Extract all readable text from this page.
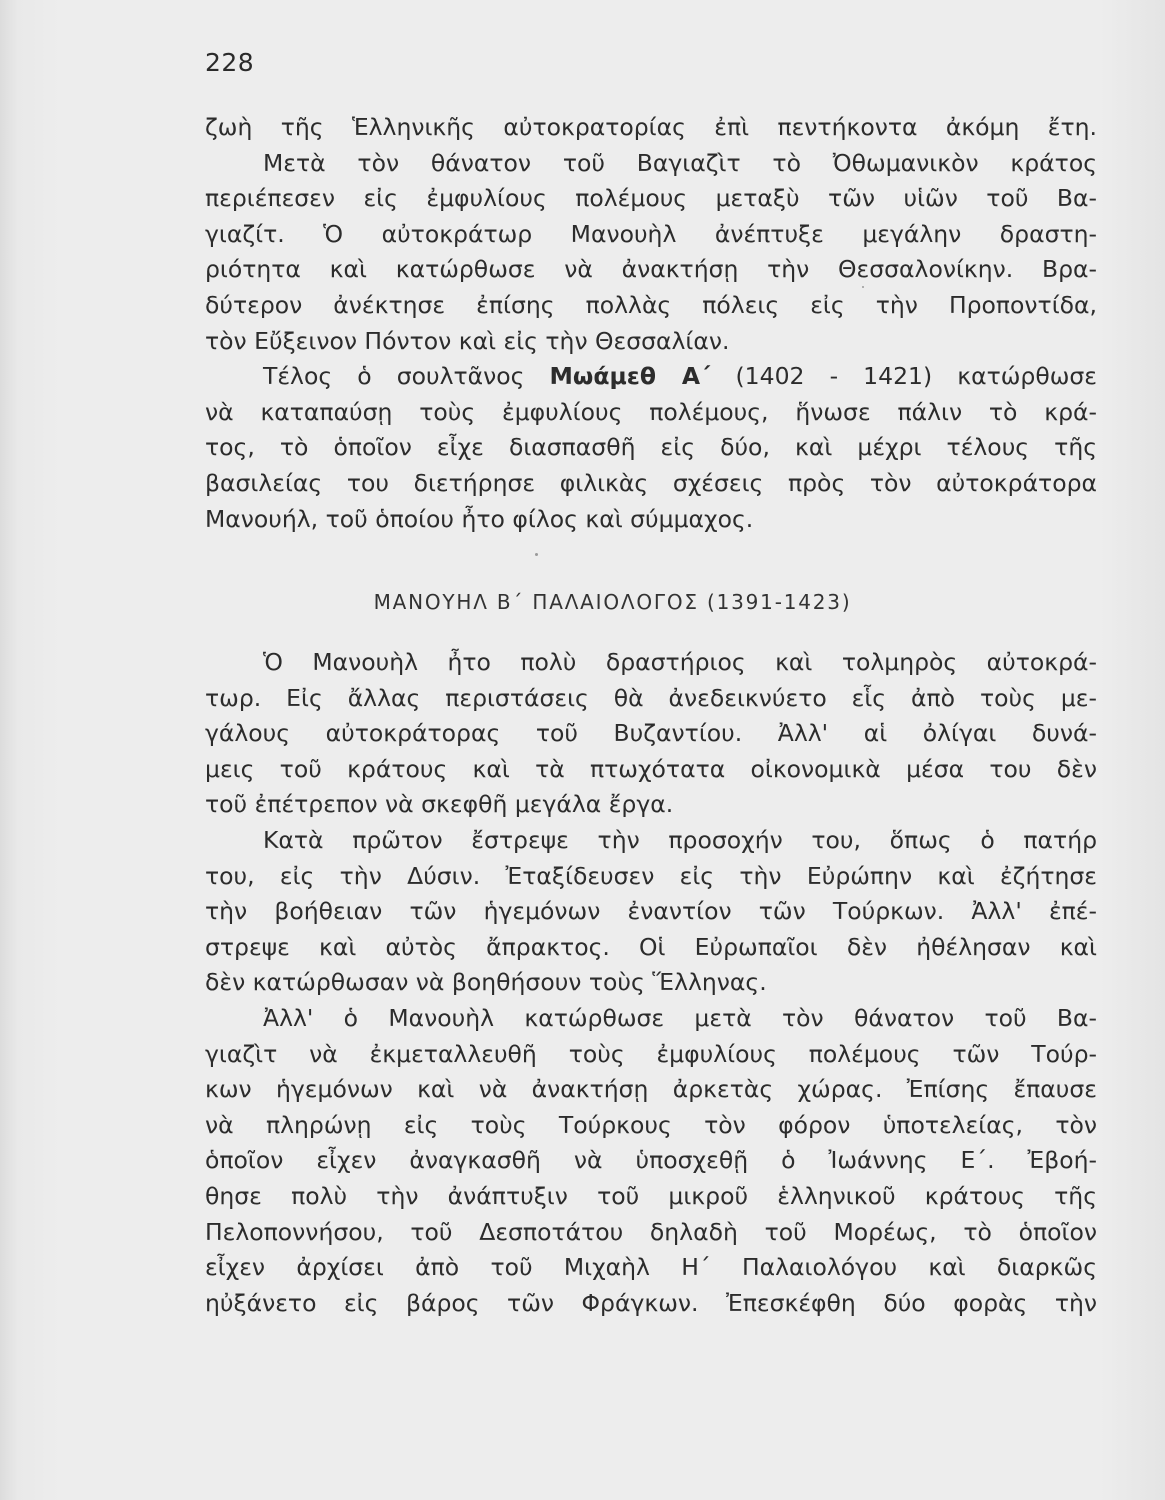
228
ζωὴ τῆς Ἑλληνικῆς αὐτοκρατορίας ἐπὶ πεντήκοντα ἀκόμη ἔτη.
Μετὰ τὸν θάνατον τοῦ Βαγιαζὶτ τὸ Ὀθωμανικὸν κράτος
περιέπεσεν εἰς ἐμφυλίους πολέμους μεταξὺ τῶν υἱῶν τοῦ Βα-
γιαζίτ. Ὁ αὐτοκράτωρ Μανουὴλ ἀνέπτυξε μεγάλην δραστη-
ριότητα καὶ κατώρθωσε νὰ ἀνακτήσῃ τὴν Θεσσαλονίκην. Βρα-
δύτερον ἀνέκτησε ἐπίσης πολλὰς πόλεις εἰς τὴν Προποντίδα,
τὸν Εὔξεινον Πόντον καὶ εἰς τὴν Θεσσαλίαν.
Τέλος ὁ σουλτᾶνος Μωάμεθ Α΄ (1402 - 1421) κατώρθωσε
νὰ καταπαύσῃ τοὺς ἐμφυλίους πολέμους, ἥνωσε πάλιν τὸ κρά-
τος, τὸ ὁποῖον εἶχε διασπασθῆ εἰς δύο, καὶ μέχρι τέλους τῆς
βασιλείας του διετήρησε φιλικὰς σχέσεις πρὸς τὸν αὐτοκράτορα
Μανουήλ, τοῦ ὁποίου ἦτο φίλος καὶ σύμμαχος.
ΜΑΝΟΥΗΛ Β΄ ΠΑΛΑΙΟΛΟΓΟΣ (1391-1423)
Ὁ Μανουὴλ ἦτο πολὺ δραστήριος καὶ τολμηρὸς αὐτοκρά-
τωρ. Εἰς ἄλλας περιστάσεις θὰ ἀνεδεικνύετο εἷς ἀπὸ τοὺς με-
γάλους αὐτοκράτορας τοῦ Βυζαντίου. Ἀλλ' αἱ ὀλίγαι δυνά-
μεις τοῦ κράτους καὶ τὰ πτωχότατα οἰκονομικὰ μέσα του δὲν
τοῦ ἐπέτρεπον νὰ σκεφθῆ μεγάλα ἔργα.
Κατὰ πρῶτον ἔστρεψε τὴν προσοχήν του, ὅπως ὁ πατήρ
του, εἰς τὴν Δύσιν. Ἐταξίδευσεν εἰς τὴν Εὐρώπην καὶ ἐζήτησε
τὴν βοήθειαν τῶν ἡγεμόνων ἐναντίον τῶν Τούρκων. Ἀλλ' ἐπέ-
στρεψε καὶ αὐτὸς ἄπρακτος. Οἱ Εὐρωπαῖοι δὲν ἠθέλησαν καὶ
δὲν κατώρθωσαν νὰ βοηθήσουν τοὺς Ἕλληνας.
Ἀλλ' ὁ Μανουὴλ κατώρθωσε μετὰ τὸν θάνατον τοῦ Βα-
γιαζὶτ νὰ ἐκμεταλλευθῆ τοὺς ἐμφυλίους πολέμους τῶν Τούρ-
κων ἡγεμόνων καὶ νὰ ἀνακτήσῃ ἀρκετὰς χώρας. Ἐπίσης ἔπαυσε
νὰ πληρώνῃ εἰς τοὺς Τούρκους τὸν φόρον ὑποτελείας, τὸν
ὁποῖον εἶχεν ἀναγκασθῆ νὰ ὑποσχεθῇ ὁ Ἰωάννης Ε΄. Ἐβοή-
θησε πολὺ τὴν ἀνάπτυξιν τοῦ μικροῦ ἑλληνικοῦ κράτους τῆς
Πελοποννήσου, τοῦ Δεσποτάτου δηλαδὴ τοῦ Μορέως, τὸ ὁποῖον
εἶχεν ἀρχίσει ἀπὸ τοῦ Μιχαὴλ Η΄ Παλαιολόγου καὶ διαρκῶς
ηὐξάνετο εἰς βάρος τῶν Φράγκων. Ἐπεσκέφθη δύο φορὰς τὴν
